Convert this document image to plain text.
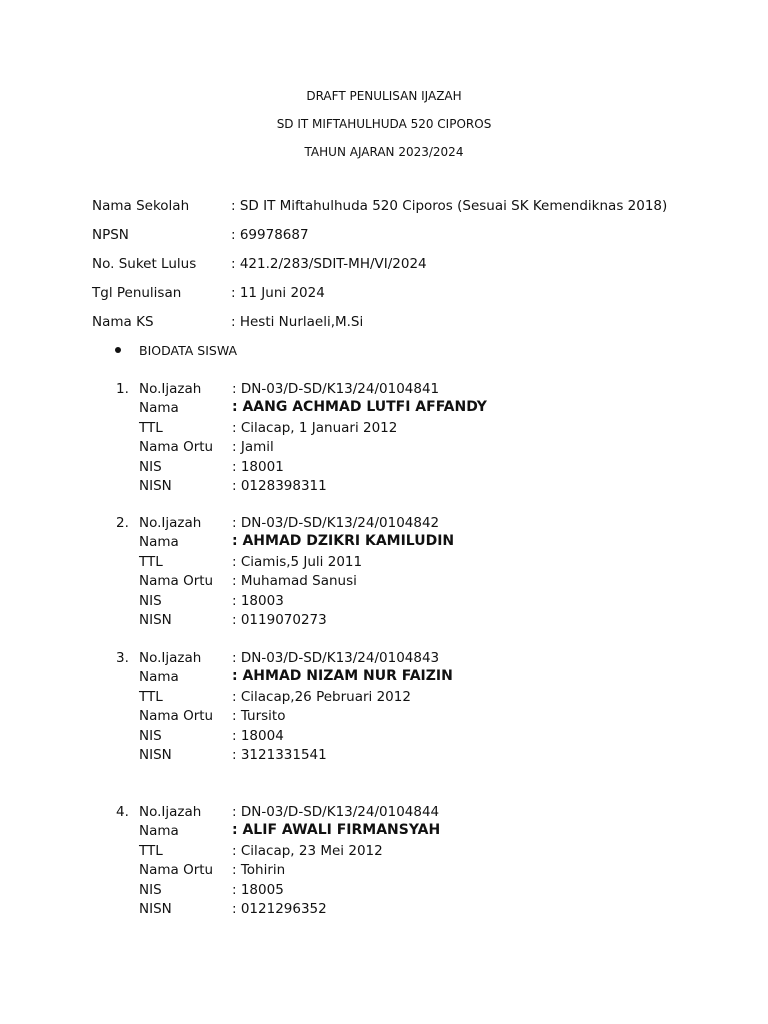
DRAFT PENULISAN IJAZAH
SD IT MIFTAHULHUDA 520 CIPOROS
TAHUN AJARAN 2023/2024
Nama Sekolah	: SD IT Miftahulhuda 520 Ciporos (Sesuai SK Kemendiknas 2018)
NPSN	: 69978687
No. Suket Lulus	: 421.2/283/SDIT-MH/VI/2024
Tgl Penulisan	: 11 Juni 2024
Nama KS	: Hesti Nurlaeli,M.Si
BIODATA SISWA
1. No.Ijazah : DN-03/D-SD/K13/24/0104841
Nama	: AANG ACHMAD LUTFI AFFANDY
TTL	: Cilacap, 1 Januari 2012
Nama Ortu : Jamil
NIS	: 18001
NISN	: 0128398311
2. No.Ijazah : DN-03/D-SD/K13/24/0104842
Nama	: AHMAD DZIKRI KAMILUDIN
TTL	: Ciamis,5 Juli 2011
Nama Ortu : Muhamad Sanusi
NIS	: 18003
NISN	: 0119070273
3. No.Ijazah : DN-03/D-SD/K13/24/0104843
Nama	: AHMAD NIZAM NUR FAIZIN
TTL	: Cilacap,26 Pebruari 2012
Nama Ortu : Tursito
NIS	: 18004
NISN	: 3121331541
4. No.Ijazah : DN-03/D-SD/K13/24/0104844
Nama	: ALIF AWALI FIRMANSYAH
TTL	: Cilacap, 23 Mei 2012
Nama Ortu : Tohirin
NIS	: 18005
NISN	: 0121296352
